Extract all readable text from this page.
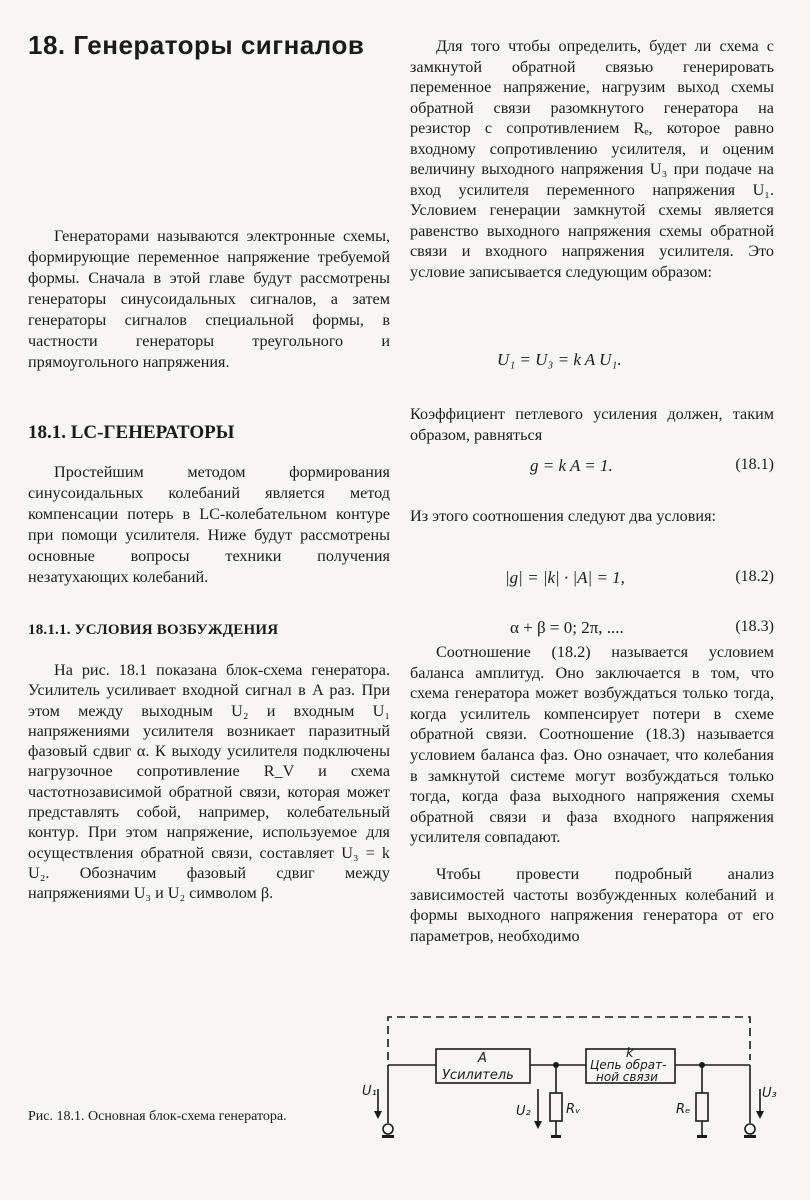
18. Генераторы сигналов

Генераторами называются электронные схемы, формирующие переменное напряжение требуемой формы. Сначала в этой главе будут рассмотрены генераторы синусоидальных сигналов, а затем генераторы сигналов специальной формы, в частности генераторы треугольного и прямоугольного напряжения.

18.1. LC-ГЕНЕРАТОРЫ

Простейшим методом формирования синусоидальных колебаний является метод компенсации потерь в LC-колебательном контуре при помощи усилителя. Ниже будут рассмотрены основные вопросы техники получения незатухающих колебаний.

18.1.1. УСЛОВИЯ ВОЗБУЖДЕНИЯ

На рис. 18.1 показана блок-схема генератора. Усилитель усиливает входной сигнал в A раз. При этом между выходным U₂ и входным U₁ напряжениями усилителя возникает паразитный фазовый сдвиг α. К выходу усилителя подключены нагрузочное сопротивление R_V и схема частотнозависимой обратной связи, которая может представлять собой, например, колебательный контур. При этом напряжение, используемое для осуществления обратной связи, составляет U₃ = k U₂. Обозначим фазовый сдвиг между напряжениями U₃ и U₂ символом β.

Для того чтобы определить, будет ли схема с замкнутой обратной связью генерировать переменное напряжение, нагрузим выход схемы обратной связи разомкнутого генератора на резистор с сопротивлением Rₑ, которое равно входному сопротивлению усилителя, и оценим величину выходного напряжения U₃ при подаче на вход усилителя переменного напряжения U₁. Условием генерации замкнутой схемы является равенство выходного напряжения схемы обратной связи и входного напряжения усилителя. Это условие записывается следующим образом:

U₁ = U₃ = k A U₁.

Коэффициент петлевого усиления должен, таким образом, равняться

g = k A = 1.	(18.1)

Из этого соотношения следуют два условия:

|g| = |k| · |A| = 1,	(18.2)
α + β = 0; 2π, ....	(18.3)

Соотношение (18.2) называется условием баланса амплитуд. Оно заключается в том, что схема генератора может возбуждаться только тогда, когда усилитель компенсирует потери в схеме обратной связи. Соотношение (18.3) называется условием баланса фаз. Оно означает, что колебания в замкнутой системе могут возбуждаться только тогда, когда фаза выходного напряжения схемы обратной связи и фаза входного напряжения усилителя совпадают.

Чтобы провести подробный анализ зависимостей частоты возбужденных колебаний и формы выходного напряжения генератора от его параметров, необходимо

Рис. 18.1. Основная блок-схема генератора.

A
Усилитель
k
Цепь обрат-
ной связи
U₁
U₂
U₃
Rᵥ	Rₑ
